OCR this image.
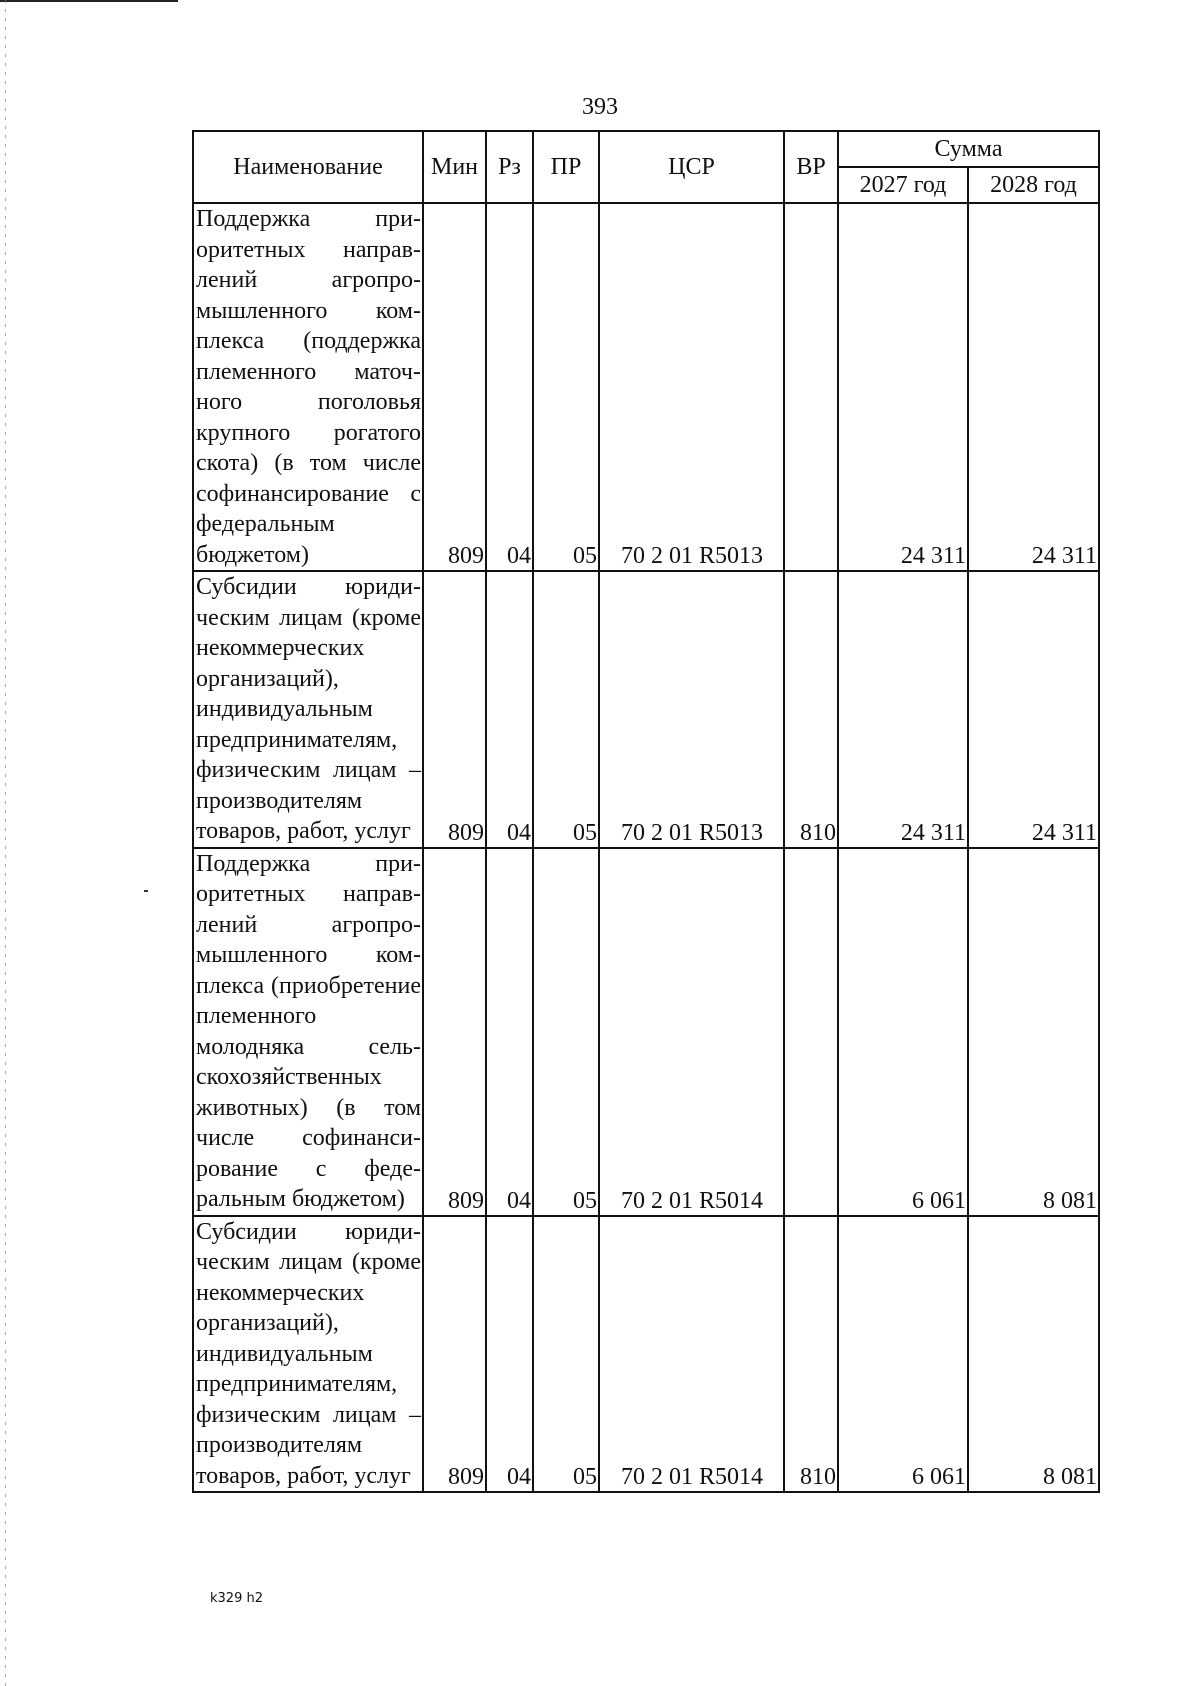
393
Наименование	Мин	Рз	ПР	ЦСР	ВР	Сумма	
						2027 год	2028 год
Поддержка приоритетных направлений агропромышленного комплекса (поддержка племенного маточного поголовья крупного рогатого скота) (в том числе софинансирование с федеральным бюджетом)	809	04	05	70 2 01 R5013		24 311	24 311
Субсидии юридическим лицам (кроме некоммерческих организаций), индивидуальным предпринимателям, физическим лицам – производителям товаров, работ, услуг	809	04	05	70 2 01 R5013	810	24 311	24 311
Поддержка приоритетных направлений агропромышленного комплекса (приобретение племенного молодняка сельскохозяйственных животных) (в том числе софинансирование с федеральным бюджетом)	809	04	05	70 2 01 R5014		6 061	8 081
Субсидии юридическим лицам (кроме некоммерческих организаций), индивидуальным предпринимателям, физическим лицам – производителям товаров, работ, услуг	809	04	05	70 2 01 R5014	810	6 061	8 081
k329 h2
